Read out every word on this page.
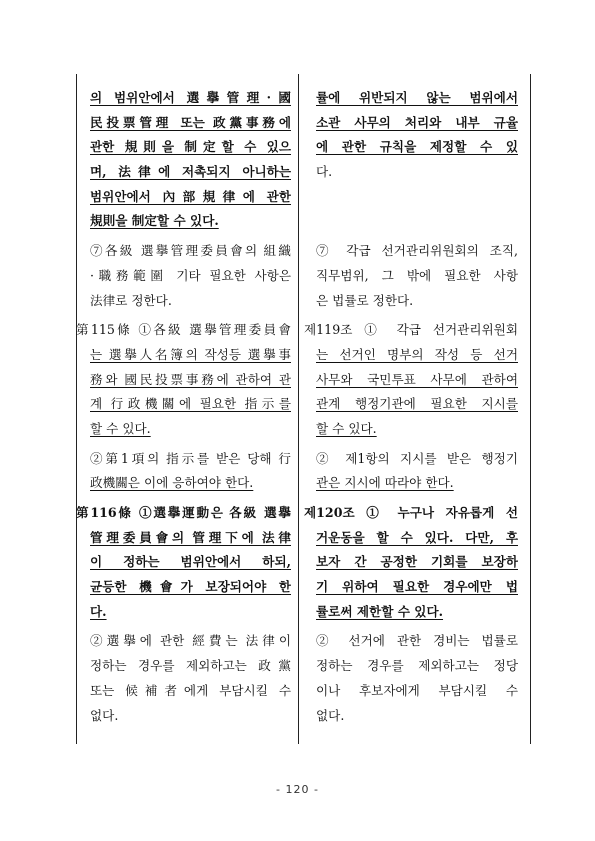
의 범위안에서 選擧管理·國
民投票管理 또는 政黨事務에
관한 規則을 制定할 수 있으
며, 法律에 저촉되지 아니하는
범위안에서 內部規律에 관한
規則을 制定할 수 있다.
⑦各級 選擧管理委員會의 組織
·職務範圍 기타 필요한 사항은
法律로 정한다.
第115條 ①各級 選擧管理委員會
는 選擧人名簿의 작성등 選擧事
務와 國民投票事務에 관하여 관
계 行政機關에 필요한 指示를
할 수 있다.
②第1項의 指示를 받은 당해 行
政機關은 이에 응하여야 한다.
第116條 ①選擧運動은 各級 選擧
管理委員會의 管理下에 法律
이 정하는 범위안에서 하되,
균등한 機會가 보장되어야 한
다.
②選擧에 관한 經費는 法律이
정하는 경우를 제외하고는 政黨
또는 候補者에게 부담시킬 수
없다.
률에 위반되지 않는 범위에서
소관 사무의 처리와 내부 규율
에 관한 규칙을 제정할 수 있
다.
⑦ 각급 선거관리위원회의 조직,
직무범위, 그 밖에 필요한 사항
은 법률로 정한다.
제119조 ① 각급 선거관리위원회
는 선거인 명부의 작성 등 선거
사무와 국민투표 사무에 관하여
관계 행정기관에 필요한 지시를
할 수 있다.
② 제1항의 지시를 받은 행정기
관은 지시에 따라야 한다.
제120조 ① 누구나 자유롭게 선
거운동을 할 수 있다. 다만, 후
보자 간 공정한 기회를 보장하
기 위하여 필요한 경우에만 법
률로써 제한할 수 있다.
② 선거에 관한 경비는 법률로
정하는 경우를 제외하고는 정당
이나 후보자에게 부담시킬 수
없다.
- 120 -
